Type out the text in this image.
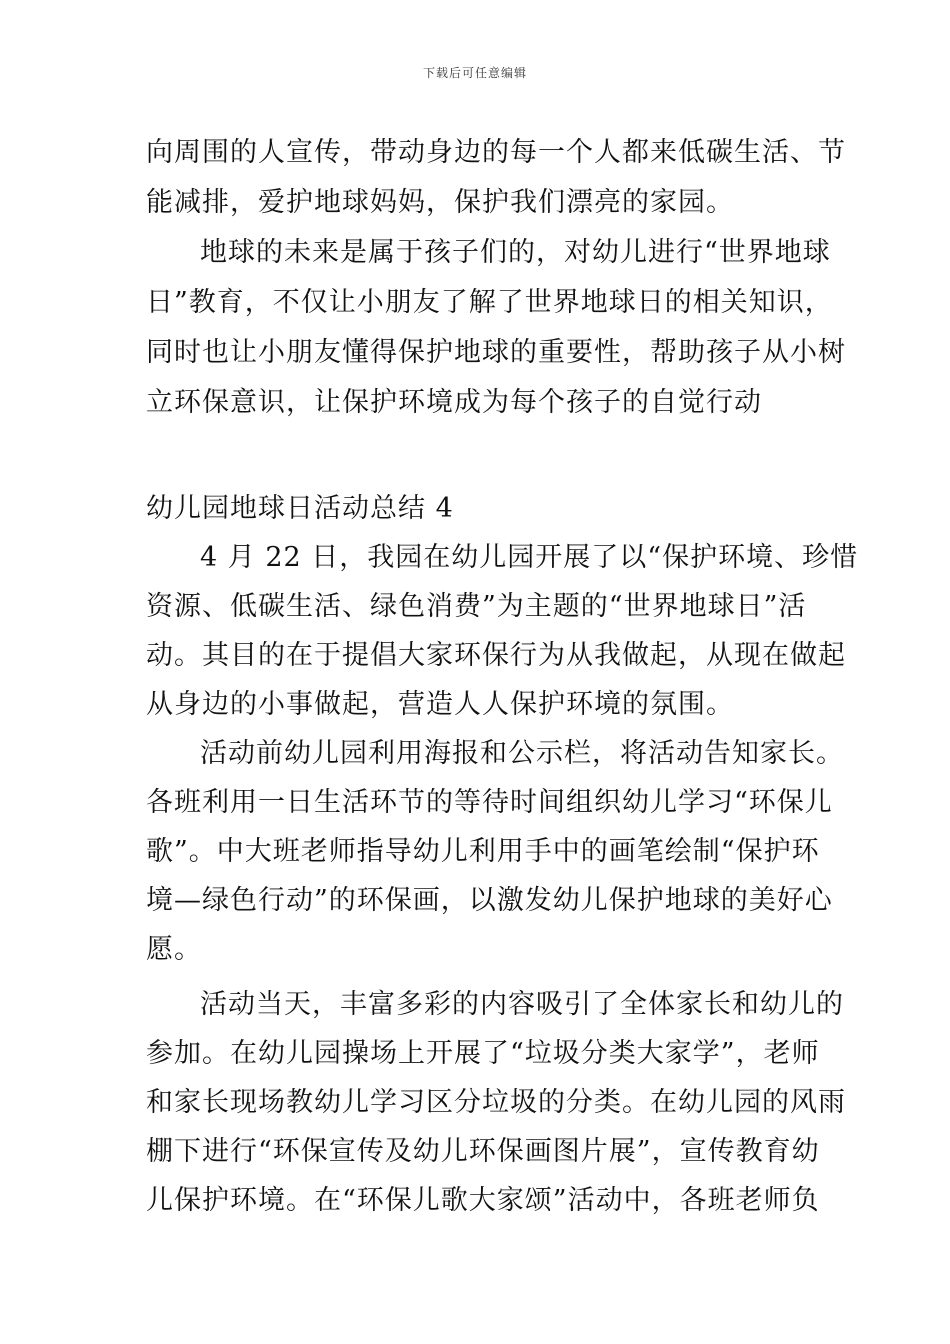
下载后可任意编辑
向周围的人宣传，带动身边的每一个人都来低碳生活、节
能减排，爱护地球妈妈，保护我们漂亮的家园。
地球的未来是属于孩子们的，对幼儿进行“世界地球
日”教育，不仅让小朋友了解了世界地球日的相关知识，
同时也让小朋友懂得保护地球的重要性，帮助孩子从小树
立环保意识，让保护环境成为每个孩子的自觉行动
幼儿园地球日活动总结 4
4 月 22 日，我园在幼儿园开展了以“保护环境、珍惜
资源、低碳生活、绿色消费”为主题的“世界地球日”活
动。其目的在于提倡大家环保行为从我做起，从现在做起
从身边的小事做起，营造人人保护环境的氛围。
活动前幼儿园利用海报和公示栏，将活动告知家长。
各班利用一日生活环节的等待时间组织幼儿学习“环保儿
歌”。中大班老师指导幼儿利用手中的画笔绘制“保护环
境—绿色行动”的环保画，以激发幼儿保护地球的美好心
愿。
活动当天，丰富多彩的内容吸引了全体家长和幼儿的
参加。在幼儿园操场上开展了“垃圾分类大家学”，老师
和家长现场教幼儿学习区分垃圾的分类。在幼儿园的风雨
棚下进行“环保宣传及幼儿环保画图片展”，宣传教育幼
儿保护环境。在“环保儿歌大家颂”活动中，各班老师负
